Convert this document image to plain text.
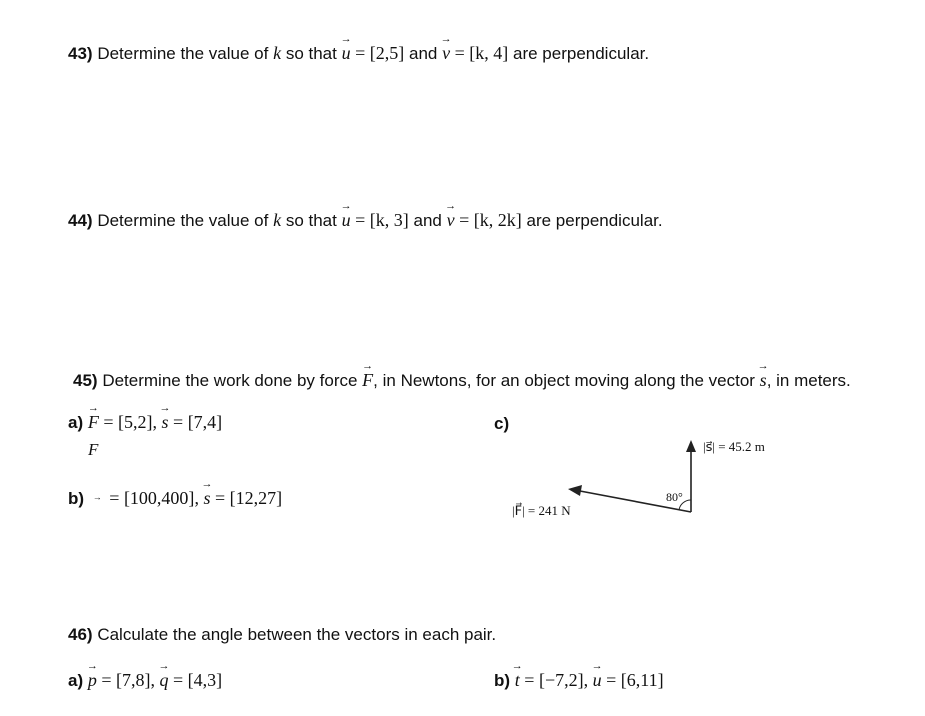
43) Determine the value of k so that → u = [2,5] and → v = [k, 4] are perpendicular.
44) Determine the value of k so that → u = [k, 3] and → v = [k, 2k] are perpendicular.
45) Determine the work done by force → F, in Newtons, for an object moving along the vector → s, in meters.
a) → F = [5,2], → s = [7,4]
F
b) → = [100,400], → s = [12,27]
c)
|s⃗| = 45.2 m
80°
|F⃗| = 241 N
46) Calculate the angle between the vectors in each pair.
a) → p = [7,8], → q = [4,3]	b) → t = [−7,2], → u = [6,11]
